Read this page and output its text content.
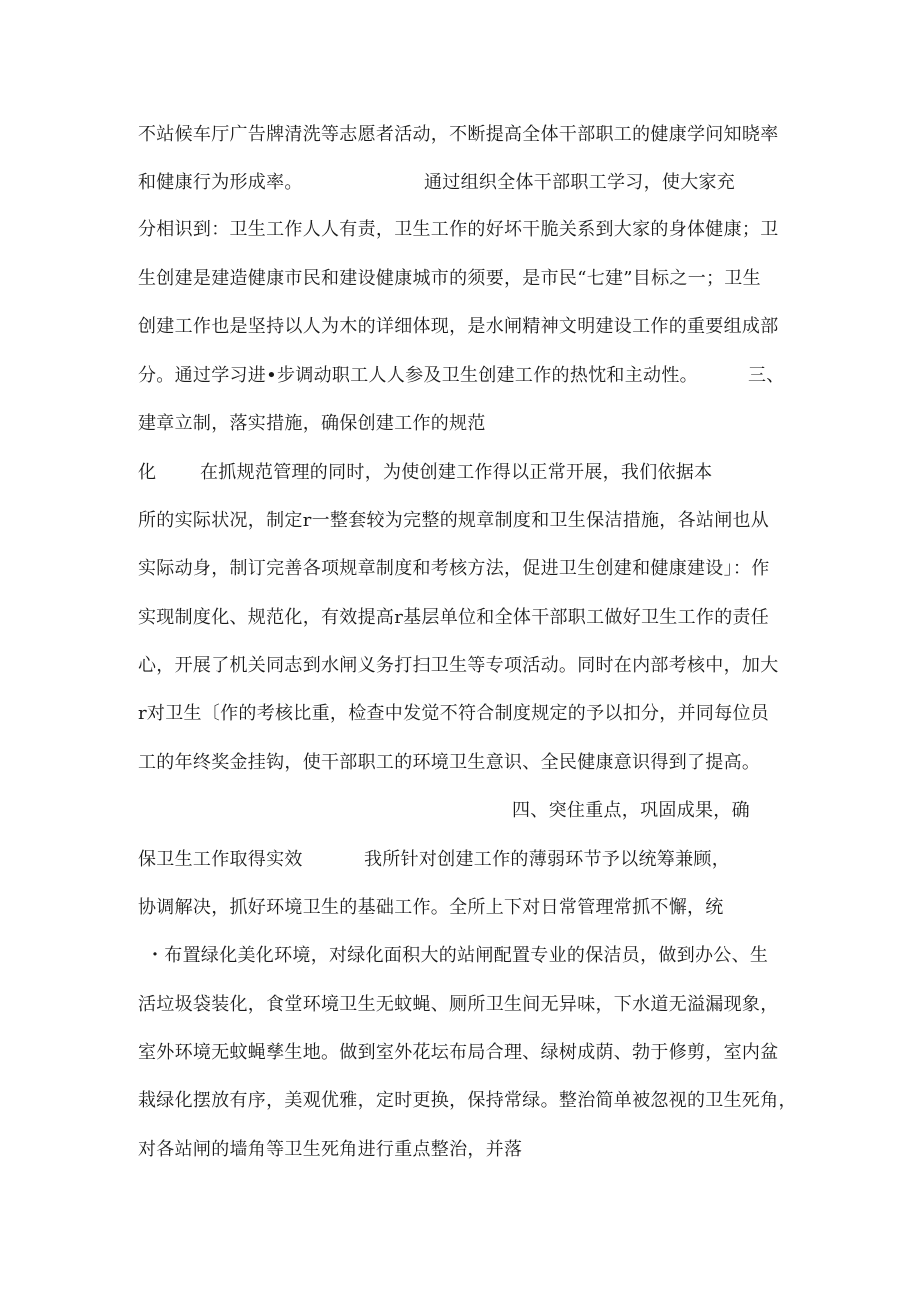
不站候车厅广告牌清洗等志愿者活动，不断提高全体干部职工的健康学问知晓率
和健康行为形成率。	通过组织全体干部职工学习，使大家充
分相识到：卫生工作人人有责，卫生工作的好坏干脆关系到大家的身体健康；卫
生创建是建造健康市民和建设健康城市的须要，是市民“七建”目标之一；卫生
创建工作也是坚持以人为木的详细体现，是水闸精神文明建设工作的重要组成部
分。通过学习进•步调动职工人人参及卫生创建工作的热忱和主动性。	三、
建章立制，落实措施，确保创建工作的规范
化 在抓规范管理的同时，为使创建工作得以正常开展，我们依据本
所的实际状况，制定r一整套较为完整的规章制度和卫生保洁措施，各站闸也从
实际动身，制订完善各项规章制度和考核方法，促进卫生创建和健康建设」：作
实现制度化、规范化，有效提高r基层单位和全体干部职工做好卫生工作的责任
心，开展了机关同志到水闸义务打扫卫生等专项活动。同时在内部考核中，加大
r对卫生〔作的考核比重，检查中发觉不符合制度规定的予以扣分，并同每位员
工的年终奖金挂钩，使干部职工的环境卫生意识、全民健康意识得到了提高。
四、突住重点，巩固成果，确
保卫生工作取得实效	我所针对创建工作的薄弱环节予以统筹兼顾，
协调解决，抓好环境卫生的基础工作。全所上下对日常管理常抓不懈，统
・布置绿化美化环境，对绿化面积大的站闸配置专业的保洁员，做到办公、生
活垃圾袋装化，食堂环境卫生无蚊蝇、厕所卫生间无异味，下水道无溢漏现象，
室外环境无蚊蝇孳生地。做到室外花坛布局合理、绿树成荫、勃于修剪，室内盆
栽绿化摆放有序，美观优雅，定时更换，保持常绿。整治简单被忽视的卫生死角，
对各站闸的墙角等卫生死角进行重点整治，并落
